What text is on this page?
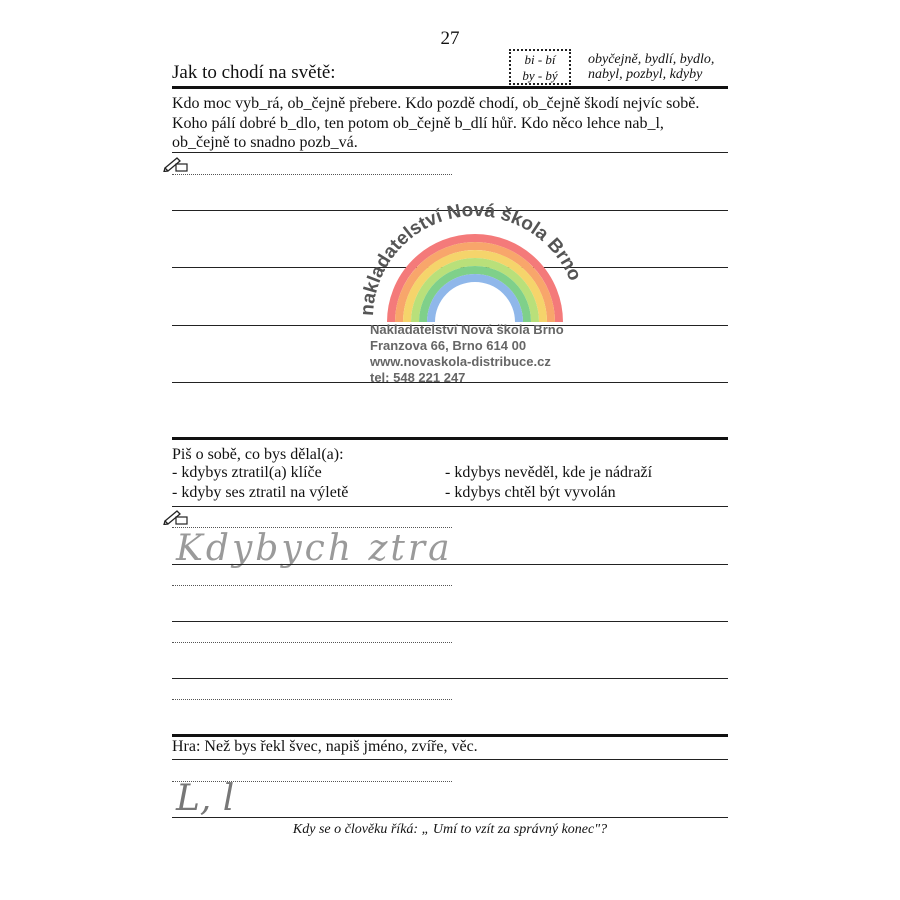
27
Jak to chodí na světě:
bi - bí
by - bý
obyčejně, bydlí, bydlo,
nabyl, pozbyl, kdyby
Kdo moc vyb_rá, ob_čejně přebere. Kdo pozdě chodí, ob_čejně škodí nejvíc sobě.
Koho pálí dobré b_dlo, ten potom ob_čejně b_dlí hůř. Kdo něco lehce nab_l,
ob_čejně to snadno pozb_vá.
nakladatelství Nová škola Brno
Nakladatelství Nová škola Brno
Franzova 66, Brno 614 00
www.novaskola-distribuce.cz
tel: 548 221 247
Piš o sobě, co bys dělal(a):
- kdybys ztratil(a) klíče
- kdyby ses ztratil na výletě
- kdybys nevěděl, kde je nádraží
- kdybys chtěl být vyvolán
Kdybych ztra
Hra: Než bys řekl švec, napiš jméno, zvíře, věc.
L, l
Kdy se o člověku říká: „ Umí to vzít za správný konec"?
